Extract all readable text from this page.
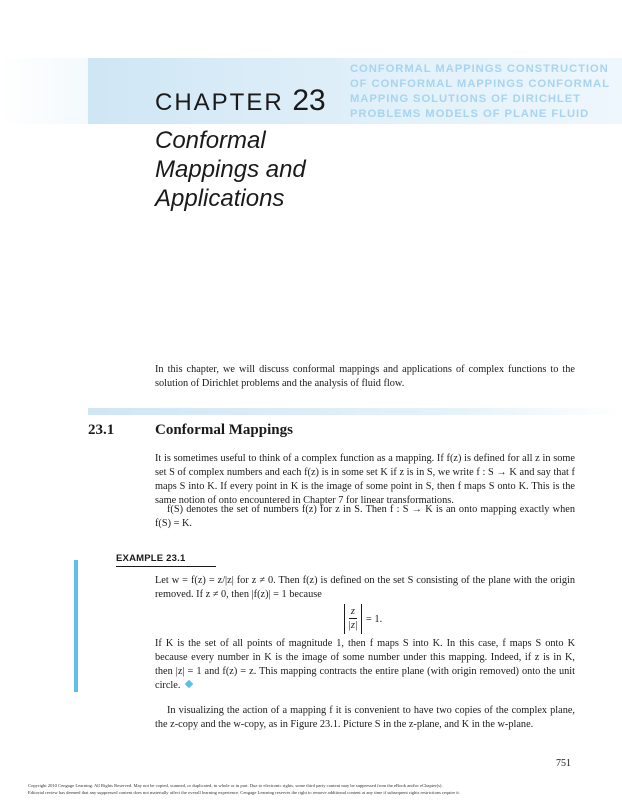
CONFORMAL MAPPINGS CONSTRUCTION
OF CONFORMAL MAPPINGS CONFORMAL
MAPPING SOLUTIONS OF DIRICHLET
PROBLEMS MODELS OF PLANE FLUID
CHAPTER 23
Conformal
Mappings and
Applications
In this chapter, we will discuss conformal mappings and applications of complex functions to the solution of Dirichlet problems and the analysis of fluid flow.
23.1	Conformal Mappings
It is sometimes useful to think of a complex function as a mapping. If f(z) is defined for all z in some set S of complex numbers and each f(z) is in some set K if z is in S, we write f : S → K and say that f maps S into K. If every point in K is the image of some point in S, then f maps S onto K. This is the same notion of onto encountered in Chapter 7 for linear transformations.
f(S) denotes the set of numbers f(z) for z in S. Then f : S → K is an onto mapping exactly when f(S) = K.
EXAMPLE 23.1
Let w = f(z) = z/|z| for z ≠ 0. Then f(z) is defined on the set S consisting of the plane with the origin removed. If z ≠ 0, then |f(z)| = 1 because
$\frac{z}{|z|} = 1$.
If K is the set of all points of magnitude 1, then f maps S into K. In this case, f maps S onto K because every number in K is the image of some number under this mapping. Indeed, if z is in K, then |z| = 1 and f(z) = z. This mapping contracts the entire plane (with origin removed) onto the unit circle.
In visualizing the action of a mapping f it is convenient to have two copies of the complex plane, the z-copy and the w-copy, as in Figure 23.1. Picture S in the z-plane, and K in the w-plane.
751
Copyright 2010 Cengage Learning. All Rights Reserved. May not be copied, scanned, or duplicated, in whole or in part. Due to electronic rights, some third party content may be suppressed from the eBook and/or eChapter(s).
Editorial review has deemed that any suppressed content does not materially affect the overall learning experience. Cengage Learning reserves the right to remove additional content at any time if subsequent rights restrictions require it.
